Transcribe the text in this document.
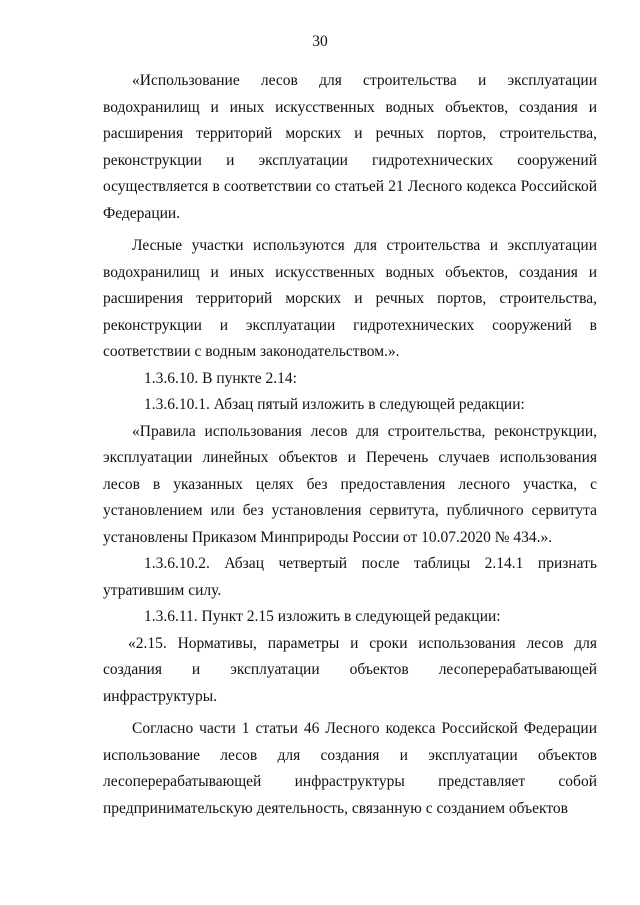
30

«Использование лесов для строительства и эксплуатации водохранилищ и иных искусственных водных объектов, создания и расширения территорий морских и речных портов, строительства, реконструкции и эксплуатации гидротехнических сооружений осуществляется в соответствии со статьей 21 Лесного кодекса Российской Федерации.

Лесные участки используются для строительства и эксплуатации водохранилищ и иных искусственных водных объектов, создания и расширения территорий морских и речных портов, строительства, реконструкции и эксплуатации гидротехнических сооружений в соответствии с водным законодательством.».

1.3.6.10. В пункте 2.14:

1.3.6.10.1. Абзац пятый изложить в следующей редакции:

«Правила использования лесов для строительства, реконструкции, эксплуатации линейных объектов и Перечень случаев использования лесов в указанных целях без предоставления лесного участка, с установлением или без установления сервитута, публичного сервитута установлены Приказом Минприроды России от 10.07.2020 № 434.».

1.3.6.10.2. Абзац четвертый после таблицы 2.14.1 признать утратившим силу.

1.3.6.11. Пункт 2.15 изложить в следующей редакции:

«2.15. Нормативы, параметры и сроки использования лесов для создания и эксплуатации объектов лесоперерабатывающей инфраструктуры.

Согласно части 1 статьи 46 Лесного кодекса Российской Федерации использование лесов для создания и эксплуатации объектов лесоперерабатывающей инфраструктуры представляет собой предпринимательскую деятельность, связанную с созданием объектов
